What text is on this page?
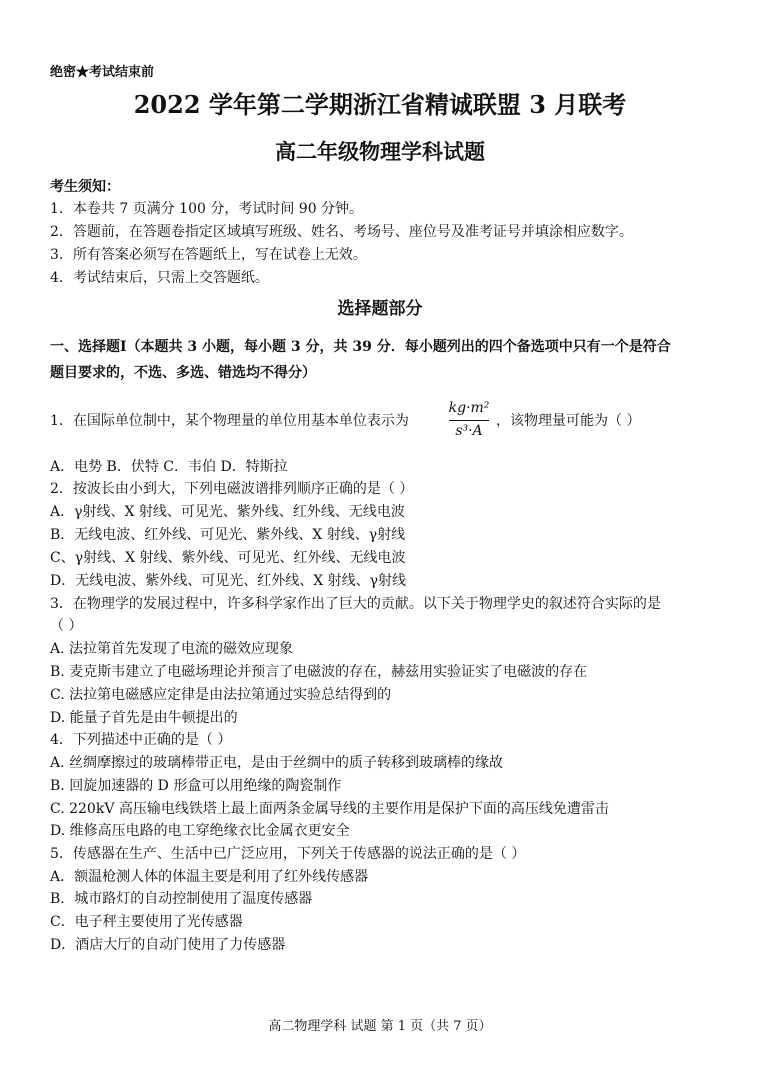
绝密★考试结束前
2022 学年第二学期浙江省精诚联盟 3 月联考
高二年级物理学科试题
考生须知：
1．本卷共 7 页满分 100 分，考试时间 90 分钟。
2．答题前，在答题卷指定区域填写班级、姓名、考场号、座位号及准考证号并填涂相应数字。
3．所有答案必须写在答题纸上，写在试卷上无效。
4．考试结束后，只需上交答题纸。
选择题部分
一、选择题Ⅰ（本题共 3 小题，每小题 3 分，共 39 分．每小题列出的四个备选项中只有一个是符合
题目要求的，不选、多选、错选均不得分）
1．在国际单位制中，某个物理量的单位用基本单位表示为
kg·m²
s³·A
，该物理量可能为（ ）
A．电势 B．伏特 C．韦伯 D．特斯拉
2．按波长由小到大，下列电磁波谱排列顺序正确的是（ ）
A．γ射线、X 射线、可见光、紫外线、红外线、无线电波
B．无线电波、红外线、可见光、紫外线、X 射线、γ射线
C、γ射线、X 射线、紫外线、可见光、红外线、无线电波
D．无线电波、紫外线、可见光、红外线、X 射线、γ射线
3．在物理学的发展过程中，许多科学家作出了巨大的贡献。以下关于物理学史的叙述符合实际的是
（ ）
A. 法拉第首先发现了电流的磁效应现象
B. 麦克斯韦建立了电磁场理论并预言了电磁波的存在，赫兹用实验证实了电磁波的存在
C. 法拉第电磁感应定律是由法拉第通过实验总结得到的
D. 能量子首先是由牛顿提出的
4．下列描述中正确的是（ ）
A. 丝绸摩擦过的玻璃棒带正电，是由于丝绸中的质子转移到玻璃棒的缘故
B. 回旋加速器的 D 形盒可以用绝缘的陶瓷制作
C. 220kV 高压输电线铁塔上最上面两条金属导线的主要作用是保护下面的高压线免遭雷击
D. 维修高压电路的电工穿绝缘衣比金属衣更安全
5．传感器在生产、生活中已广泛应用，下列关于传感器的说法正确的是（ ）
A．额温枪测人体的体温主要是利用了红外线传感器
B．城市路灯的自动控制使用了温度传感器
C．电子秤主要使用了光传感器
D．酒店大厅的自动门使用了力传感器
高二物理学科 试题 第 1 页（共 7 页）
